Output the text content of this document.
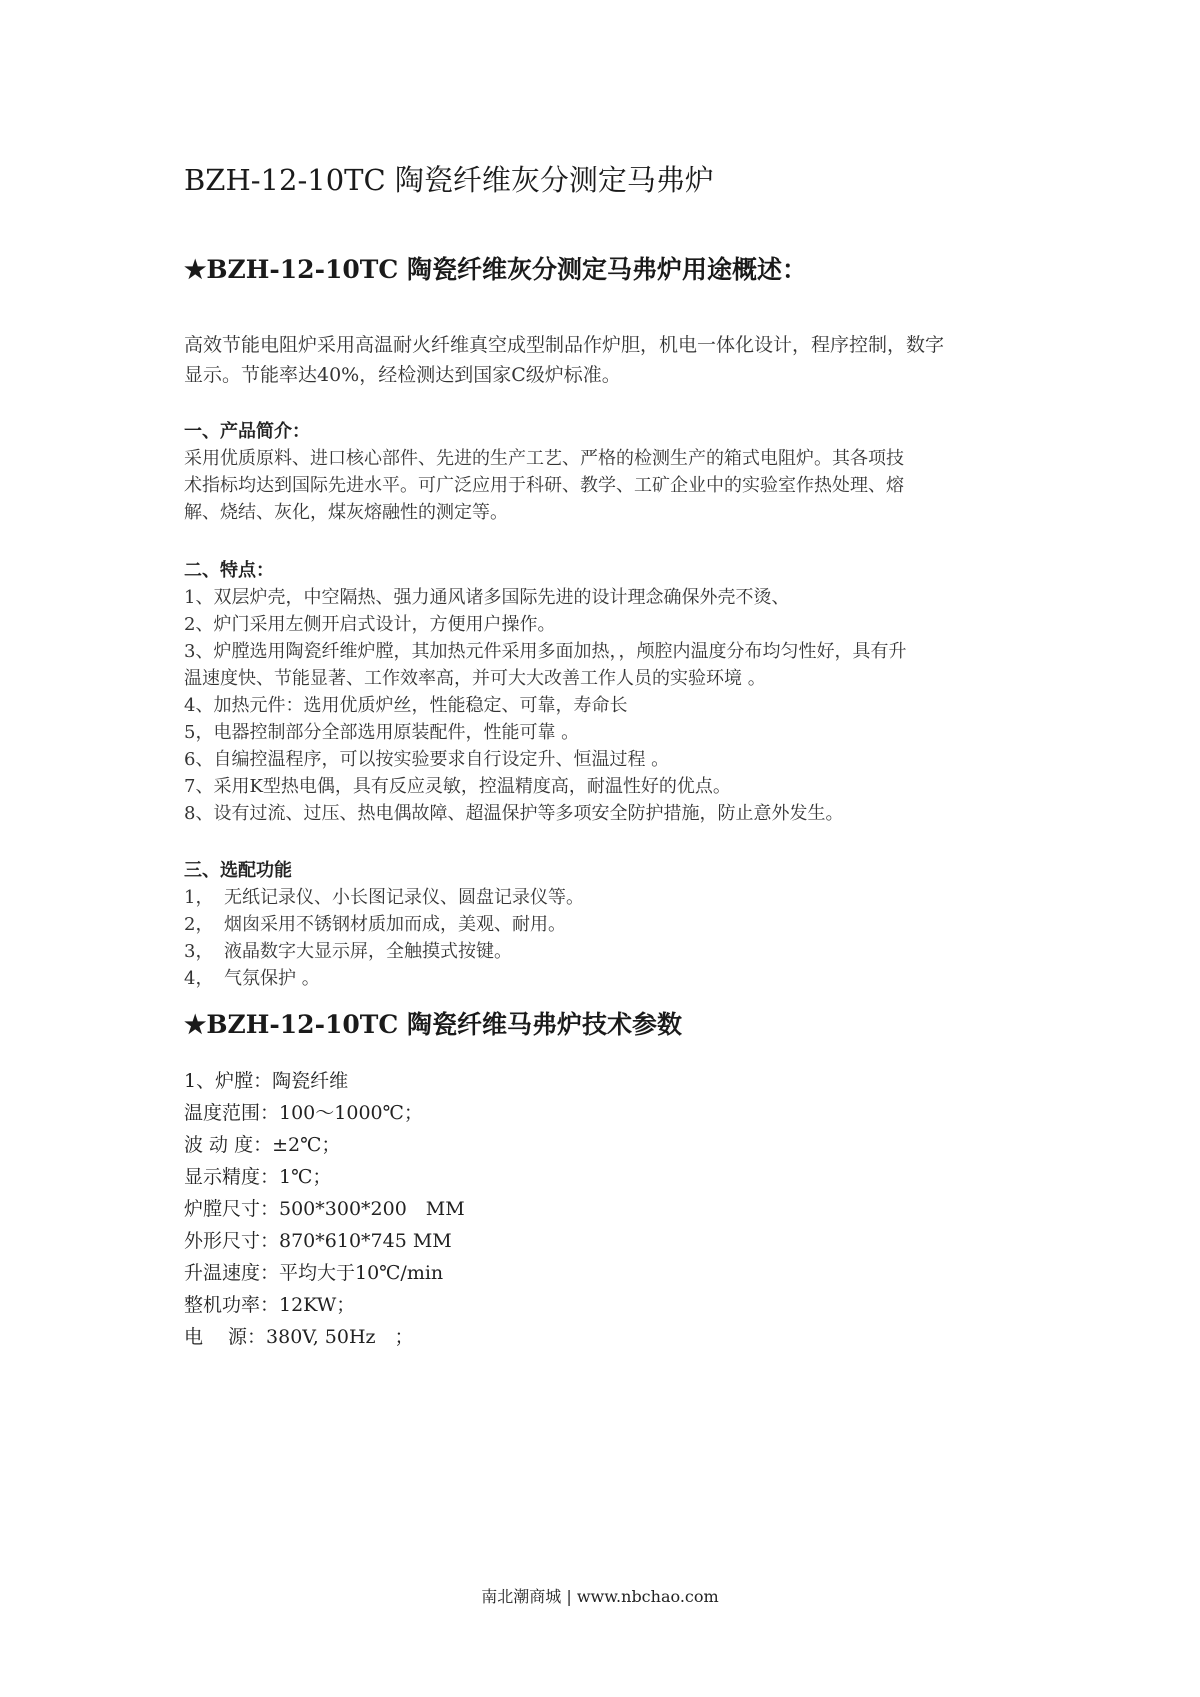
BZH-12-10TC 陶瓷纤维灰分测定马弗炉
★BZH-12-10TC 陶瓷纤维灰分测定马弗炉用途概述：
高效节能电阻炉采用高温耐火纤维真空成型制品作炉胆，机电一体化设计，程序控制，数字
显示。节能率达40%，经检测达到国家C级炉标准。
一、产品简介：
采用优质原料、进口核心部件、先进的生产工艺、严格的检测生产的箱式电阻炉。其各项技
术指标均达到国际先进水平。可广泛应用于科研、教学、工矿企业中的实验室作热处理、熔
解、烧结、灰化，煤灰熔融性的测定等。
二、特点：
1、双层炉壳，中空隔热、强力通风诸多国际先进的设计理念确保外壳不烫、
2、炉门采用左侧开启式设计，方便用户操作。
3、炉膛选用陶瓷纤维炉膛，其加热元件采用多面加热，，颅腔内温度分布均匀性好，具有升
温速度快、节能显著、工作效率高，并可大大改善工作人员的实验环境 。
4、加热元件：选用优质炉丝，性能稳定、可靠，寿命长
5，电器控制部分全部选用原装配件，性能可靠 。
6、自编控温程序，可以按实验要求自行设定升、恒温过程 。
7、采用K型热电偶，具有反应灵敏，控温精度高，耐温性好的优点。
8、设有过流、过压、热电偶故障、超温保护等多项安全防护措施，防止意外发生。
三、选配功能
1， 无纸记录仪、小长图记录仪、圆盘记录仪等。
2， 烟囱采用不锈钢材质加而成，美观、耐用。
3， 液晶数字大显示屏，全触摸式按键。
4， 气氛保护 。
★BZH-12-10TC 陶瓷纤维马弗炉技术参数
1、炉膛：陶瓷纤维
温度范围：100～1000℃；
波 动 度：±2℃；
显示精度：1℃；
炉膛尺寸：500*300*200　MM
外形尺寸：870*610*745 MM
升温速度：平均大于10℃/min
整机功率：12KW；
电　 源：380V, 50Hz　；
南北潮商城 | www.nbchao.com
